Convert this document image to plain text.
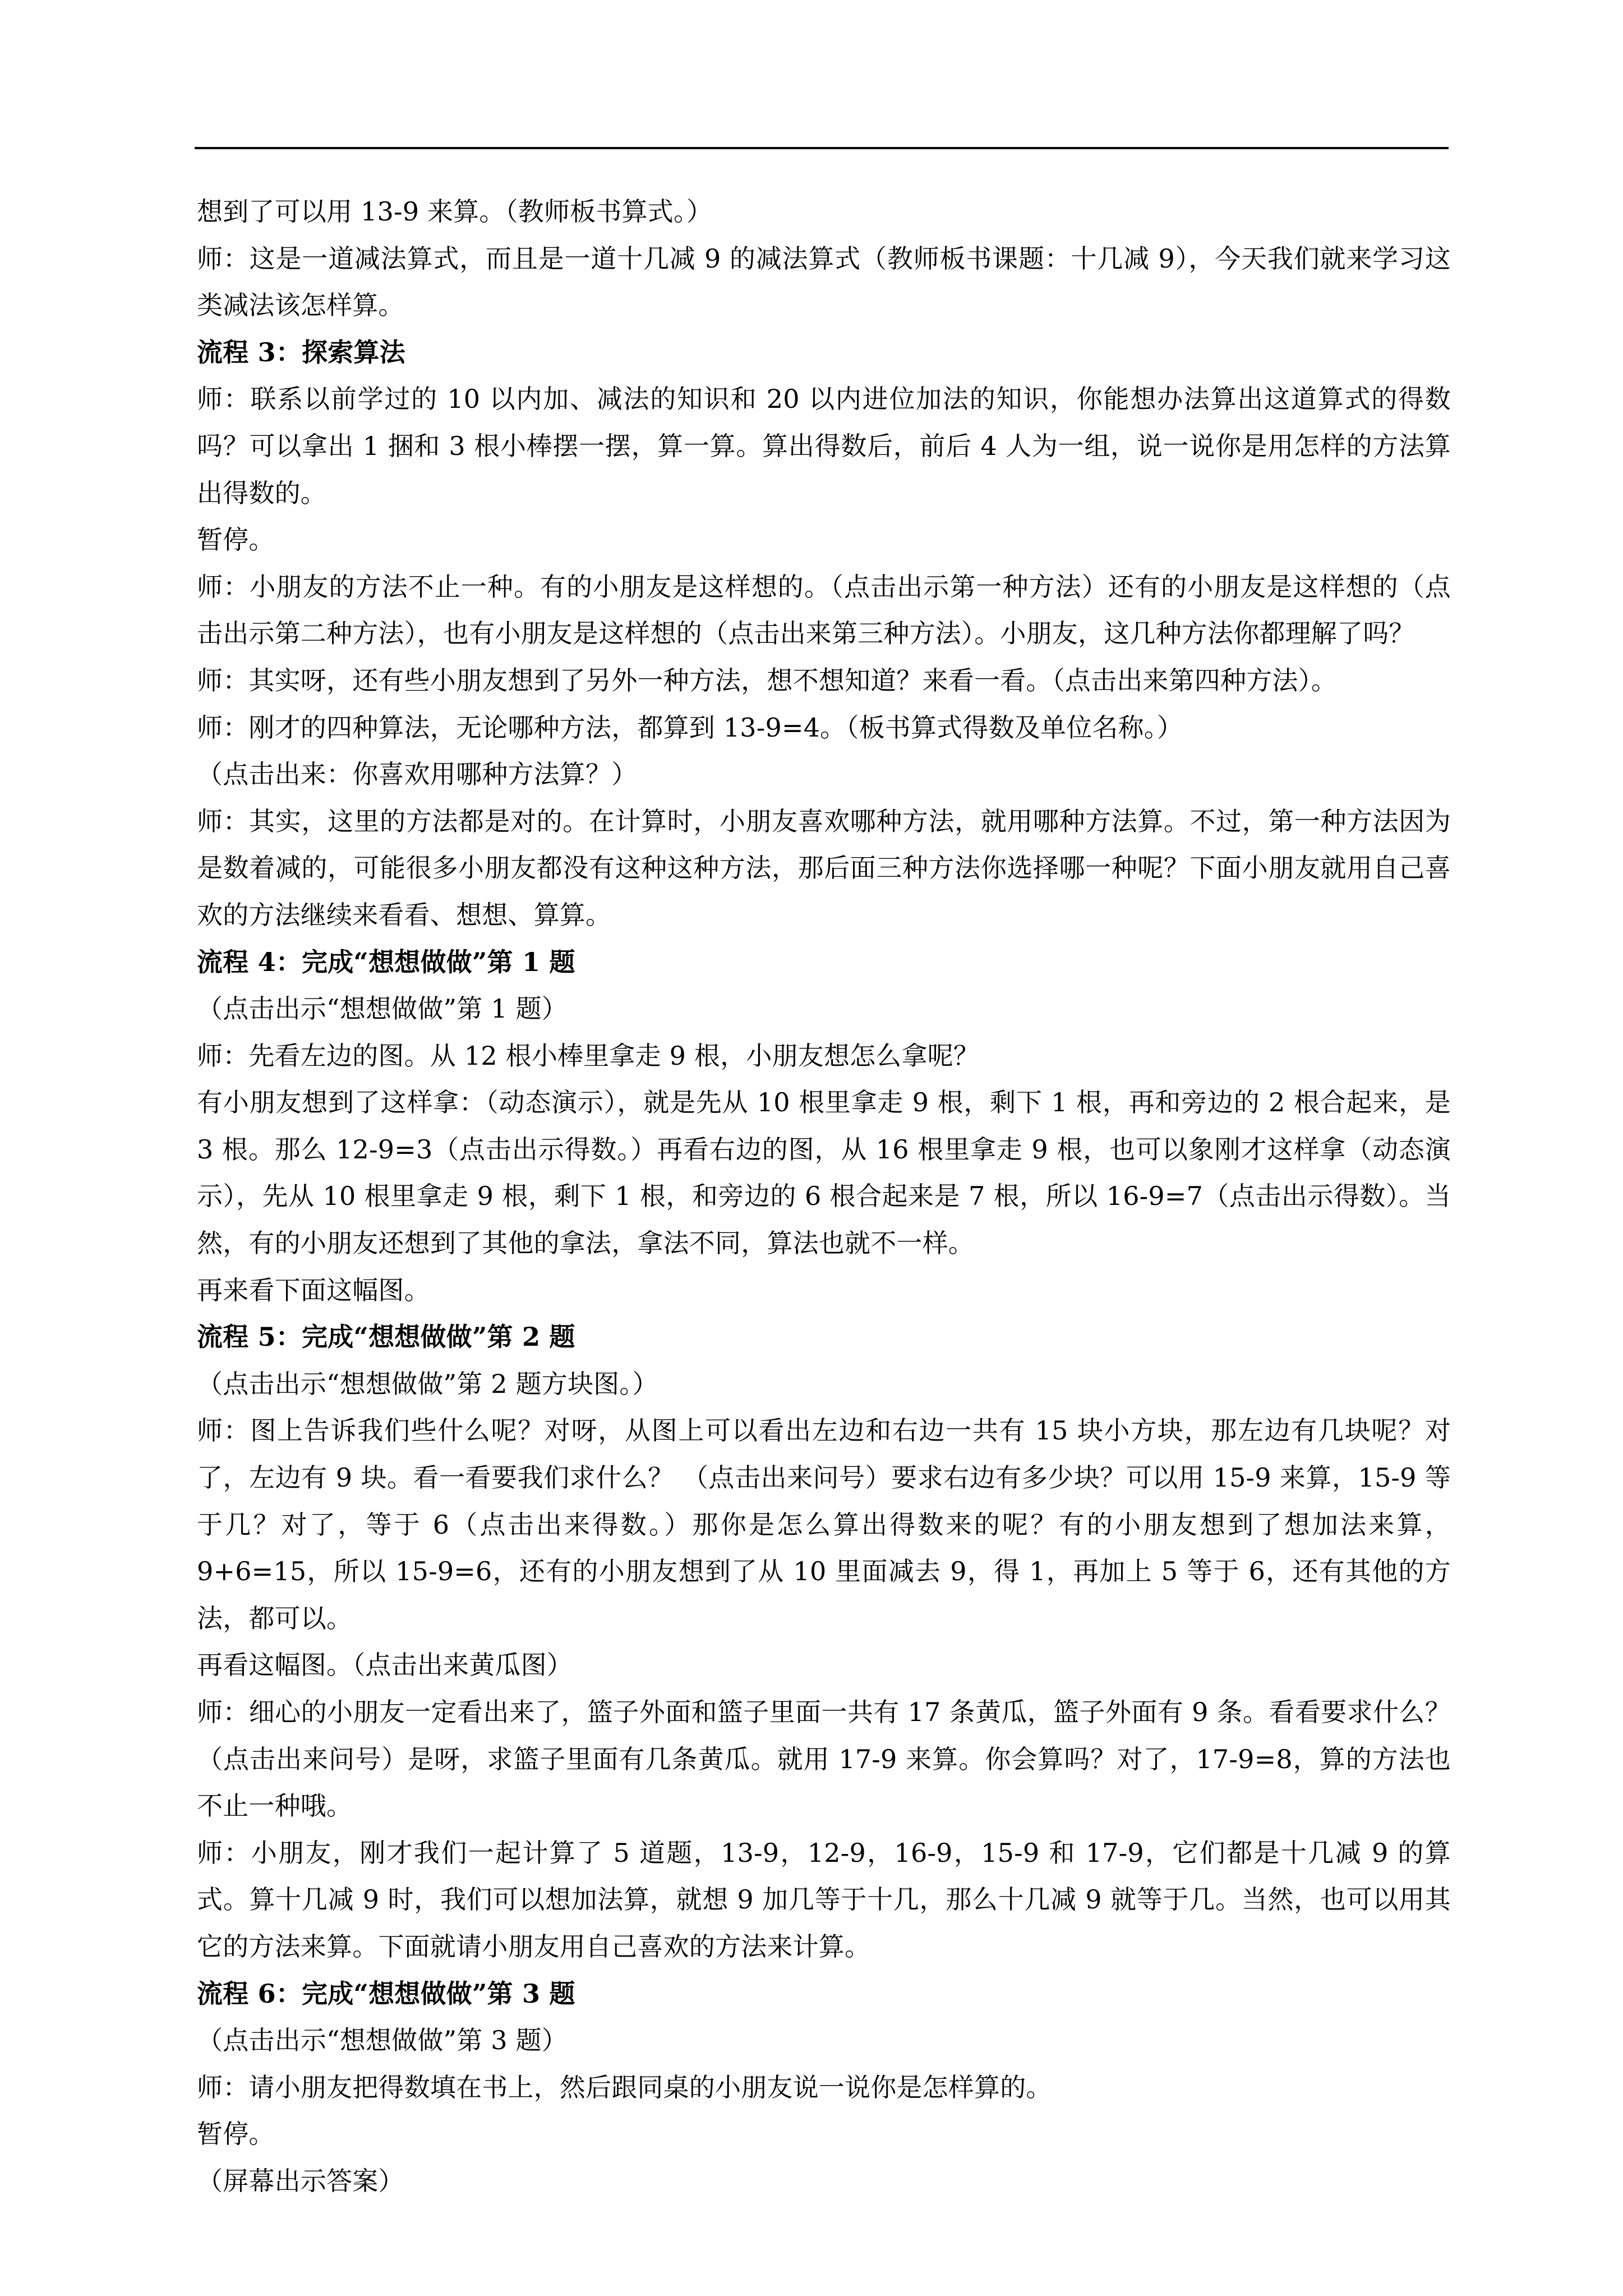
想到了可以用 13-9 来算。（教师板书算式。）

师：这是一道减法算式，而且是一道十几减 9 的减法算式（教师板书课题：十几减 9），今天我们就来学习这类减法该怎样算。

流程 3：探索算法

师：联系以前学过的 10 以内加、减法的知识和 20 以内进位加法的知识，你能想办法算出这道算式的得数吗？可以拿出 1 捆和 3 根小棒摆一摆，算一算。算出得数后，前后 4 人为一组，说一说你是用怎样的方法算出得数的。

暂停。

师：小朋友的方法不止一种。有的小朋友是这样想的。（点击出示第一种方法）还有的小朋友是这样想的（点击出示第二种方法），也有小朋友是这样想的（点击出来第三种方法）。小朋友，这几种方法你都理解了吗？

师：其实呀，还有些小朋友想到了另外一种方法，想不想知道？来看一看。（点击出来第四种方法）。

师：刚才的四种算法，无论哪种方法，都算到 13-9=4。（板书算式得数及单位名称。）

（点击出来：你喜欢用哪种方法算？）

师：其实，这里的方法都是对的。在计算时，小朋友喜欢哪种方法，就用哪种方法算。不过，第一种方法因为是数着减的，可能很多小朋友都没有这种这种方法，那后面三种方法你选择哪一种呢？下面小朋友就用自己喜欢的方法继续来看看、想想、算算。

流程 4：完成“想想做做”第 1 题

（点击出示“想想做做”第 1 题）

师：先看左边的图。从 12 根小棒里拿走 9 根，小朋友想怎么拿呢？

有小朋友想到了这样拿：（动态演示），就是先从 10 根里拿走 9 根，剩下 1 根，再和旁边的 2 根合起来，是 3 根。那么 12-9=3（点击出示得数。）再看右边的图，从 16 根里拿走 9 根，也可以象刚才这样拿（动态演示），先从 10 根里拿走 9 根，剩下 1 根，和旁边的 6 根合起来是 7 根，所以 16-9=7（点击出示得数）。当然，有的小朋友还想到了其他的拿法，拿法不同，算法也就不一样。

再来看下面这幅图。

流程 5：完成“想想做做”第 2 题

（点击出示“想想做做”第 2 题方块图。）

师：图上告诉我们些什么呢？对呀，从图上可以看出左边和右边一共有 15 块小方块，那左边有几块呢？对了，左边有 9 块。看一看要我们求什么？ （点击出来问号）要求右边有多少块？可以用 15-9 来算，15-9 等于几？对了，等于 6（点击出来得数。）那你是怎么算出得数来的呢？有的小朋友想到了想加法来算，9+6=15，所以 15-9=6，还有的小朋友想到了从 10 里面减去 9，得 1，再加上 5 等于 6，还有其他的方法，都可以。

再看这幅图。（点击出来黄瓜图）

师：细心的小朋友一定看出来了，篮子外面和篮子里面一共有 17 条黄瓜，篮子外面有 9 条。看看要求什么？　　（点击出来问号）是呀，求篮子里面有几条黄瓜。就用 17-9 来算。你会算吗？对了，17-9=8，算的方法也不止一种哦。

师：小朋友，刚才我们一起计算了 5 道题，13-9，12-9，16-9，15-9 和 17-9，它们都是十几减 9 的算式。算十几减 9 时，我们可以想加法算，就想 9 加几等于十几，那么十几减 9 就等于几。当然，也可以用其它的方法来算。下面就请小朋友用自己喜欢的方法来计算。

流程 6：完成“想想做做”第 3 题

（点击出示“想想做做”第 3 题）

师：请小朋友把得数填在书上，然后跟同桌的小朋友说一说你是怎样算的。

暂停。

（屏幕出示答案）
